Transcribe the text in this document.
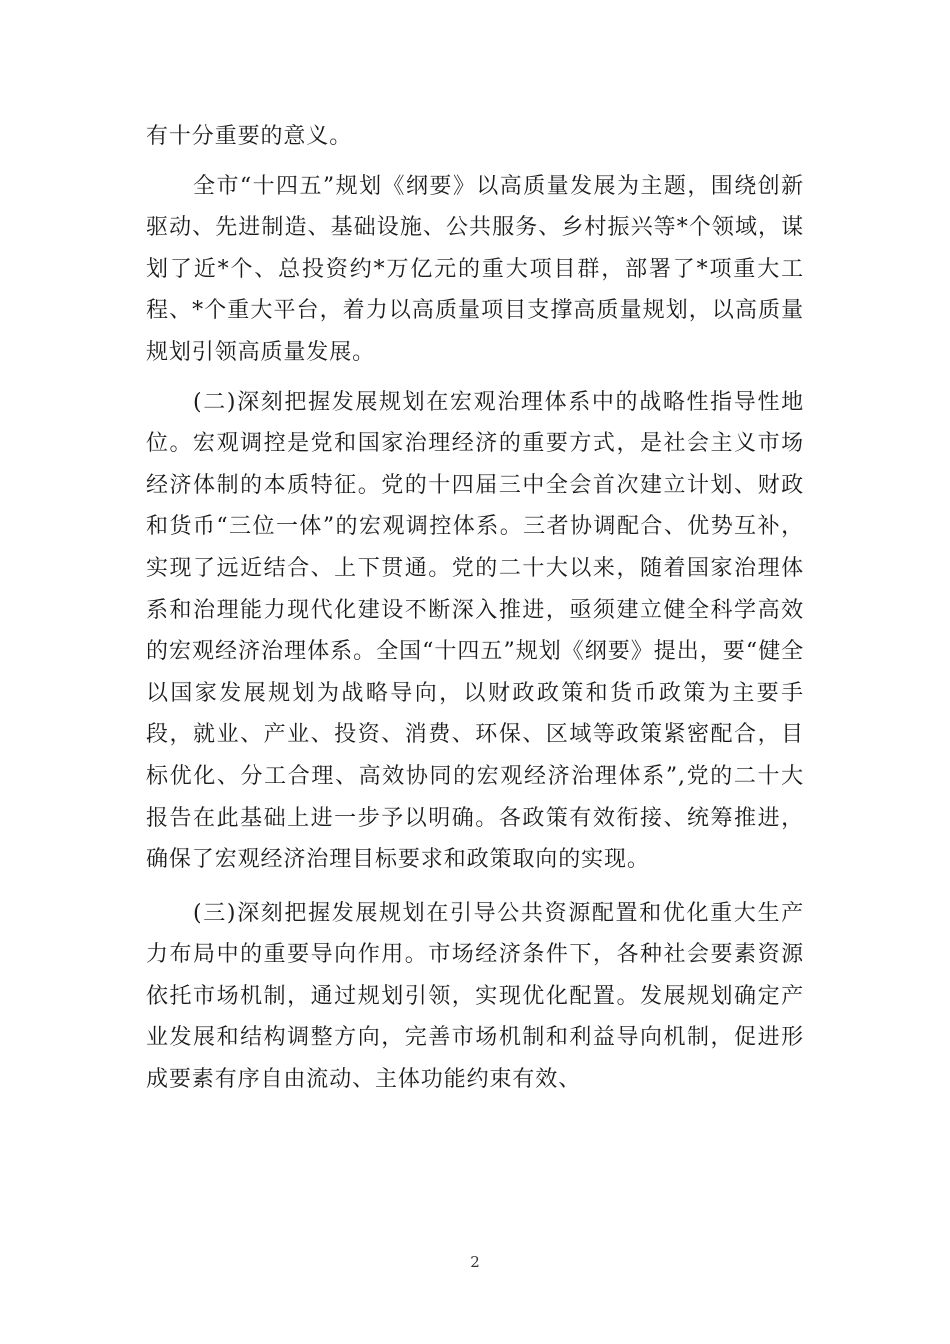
有十分重要的意义。

全市“十四五”规划《纲要》以高质量发展为主题，围绕创新驱动、先进制造、基础设施、公共服务、乡村振兴等*个领域，谋划了近*个、总投资约*万亿元的重大项目群，部署了*项重大工程、*个重大平台，着力以高质量项目支撑高质量规划，以高质量规划引领高质量发展。

(二)深刻把握发展规划在宏观治理体系中的战略性指导性地位。宏观调控是党和国家治理经济的重要方式，是社会主义市场经济体制的本质特征。党的十四届三中全会首次建立计划、财政和货币“三位一体”的宏观调控体系。三者协调配合、优势互补，实现了远近结合、上下贯通。党的二十大以来，随着国家治理体系和治理能力现代化建设不断深入推进，亟须建立健全科学高效的宏观经济治理体系。全国“十四五”规划《纲要》提出，要“健全以国家发展规划为战略导向，以财政政策和货币政策为主要手段，就业、产业、投资、消费、环保、区域等政策紧密配合，目标优化、分工合理、高效协同的宏观经济治理体系”,党的二十大报告在此基础上进一步予以明确。各政策有效衔接、统筹推进，确保了宏观经济治理目标要求和政策取向的实现。

(三)深刻把握发展规划在引导公共资源配置和优化重大生产力布局中的重要导向作用。市场经济条件下，各种社会要素资源依托市场机制，通过规划引领，实现优化配置。发展规划确定产业发展和结构调整方向，完善市场机制和利益导向机制，促进形成要素有序自由流动、主体功能约束有效、

2
